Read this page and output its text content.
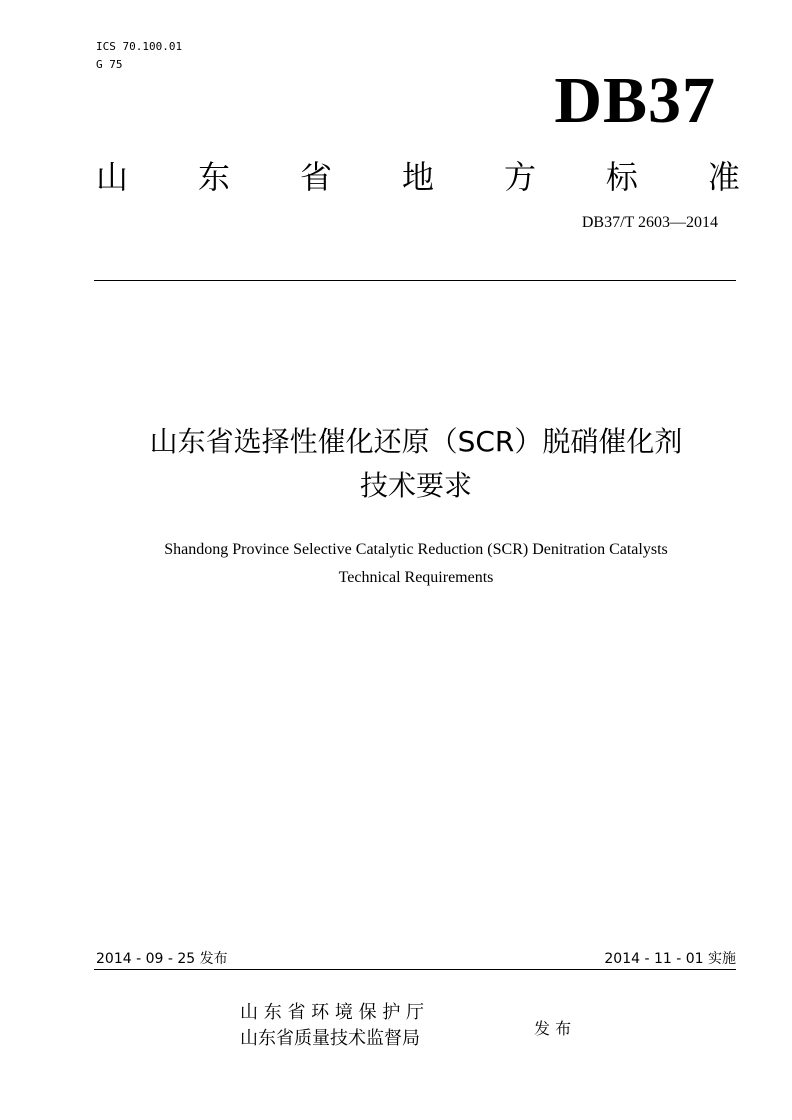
ICS 70.100.01
G 75	DB37
山 东 省 地 方 标 准
DB37/T 2603—2014
山东省选择性催化还原（SCR）脱硝催化剂
技术要求
Shandong Province Selective Catalytic Reduction (SCR) Denitration Catalysts
Technical Requirements
2014 - 09 - 25 发布	2014 - 11 - 01 实施
山 东 省 环 境 保 护 厅
山东省质量技术监督局	发 布
